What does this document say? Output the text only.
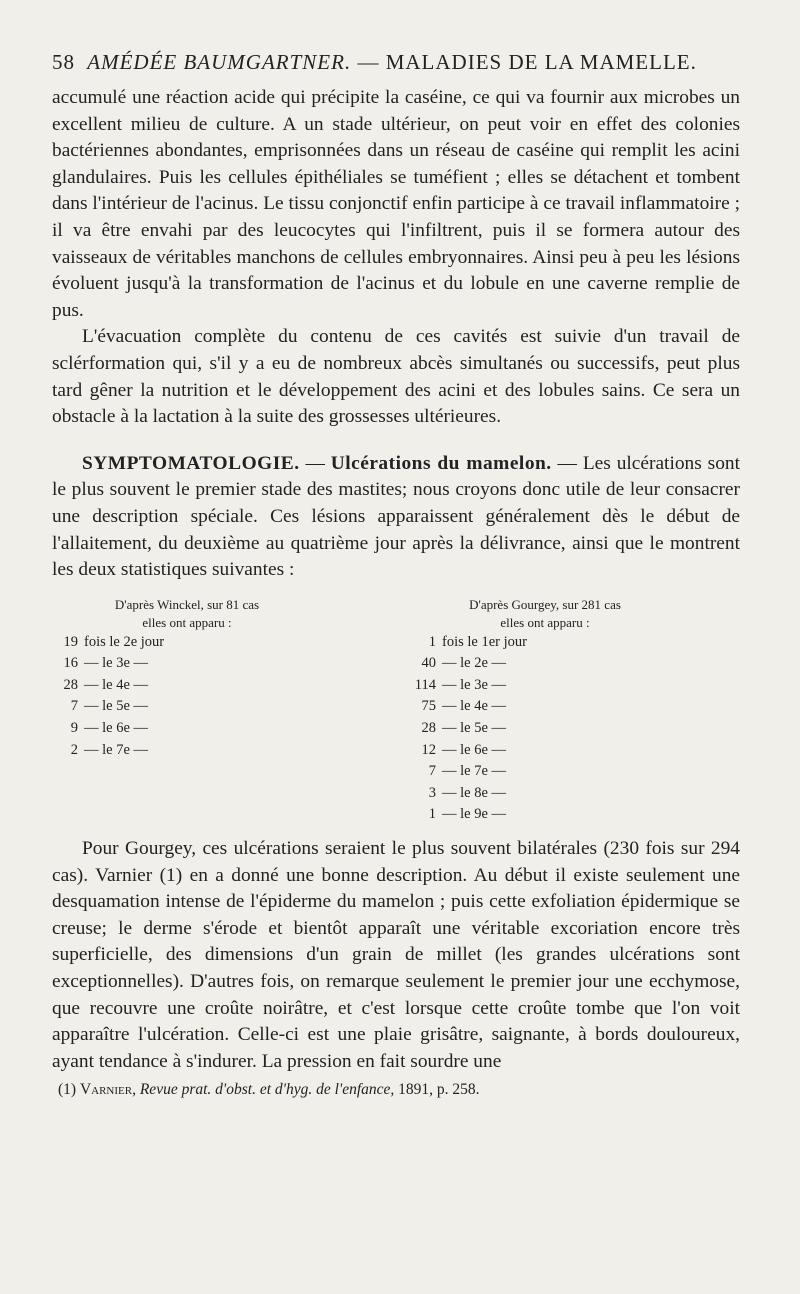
58 AMÉDÉE BAUMGARTNER. — MALADIES DE LA MAMELLE.

accumulé une réaction acide qui précipite la caséine, ce qui va fournir aux microbes un excellent milieu de culture. A un stade ultérieur, on peut voir en effet des colonies bactériennes abondantes, emprisonnées dans un réseau de caséine qui remplit les acini glandulaires. Puis les cellules épithéliales se tuméfient ; elles se détachent et tombent dans l'intérieur de l'acinus. Le tissu conjonctif enfin participe à ce travail inflammatoire ; il va être envahi par des leucocytes qui l'infiltrent, puis il se formera autour des vaisseaux de véritables manchons de cellules embryonnaires. Ainsi peu à peu les lésions évoluent jusqu'à la transformation de l'acinus et du lobule en une caverne remplie de pus.

L'évacuation complète du contenu de ces cavités est suivie d'un travail de sclérformation qui, s'il y a eu de nombreux abcès simultanés ou successifs, peut plus tard gêner la nutrition et le développement des acini et des lobules sains. Ce sera un obstacle à la lactation à la suite des grossesses ultérieures.

SYMPTOMATOLOGIE. — Ulcérations du mamelon. — Les ulcérations sont le plus souvent le premier stade des mastites; nous croyons donc utile de leur consacrer une description spéciale. Ces lésions apparaissent généralement dès le début de l'allaitement, du deuxième au quatrième jour après la délivrance, ainsi que le montrent les deux statistiques suivantes :

D'après Winckel, sur 81 cas
elles ont apparu :
19 fois le 2e jour
16 — le 3e —
28 — le 4e —
7 — le 5e —
9 — le 6e —
2 — le 7e —
D'après Gourgey, sur 281 cas
elles ont apparu :
1 fois le 1er jour
40 — le 2e —
114 — le 3e —
75 — le 4e —
28 — le 5e —
12 — le 6e —
7 — le 7e —
3 — le 8e —
1 — le 9e —

Pour Gourgey, ces ulcérations seraient le plus souvent bilatérales (230 fois sur 294 cas). Varnier (1) en a donné une bonne description. Au début il existe seulement une desquamation intense de l'épiderme du mamelon ; puis cette exfoliation épidermique se creuse; le derme s'érode et bientôt apparaît une véritable excoriation encore très superficielle, des dimensions d'un grain de millet (les grandes ulcérations sont exceptionnelles). D'autres fois, on remarque seulement le premier jour une ecchymose, que recouvre une croûte noirâtre, et c'est lorsque cette croûte tombe que l'on voit apparaître l'ulcération. Celle-ci est une plaie grisâtre, saignante, à bords douloureux, ayant tendance à s'indurer. La pression en fait sourdre une

(1) Varnier, Revue prat. d'obst. et d'hyg. de l'enfance, 1891, p. 258.
